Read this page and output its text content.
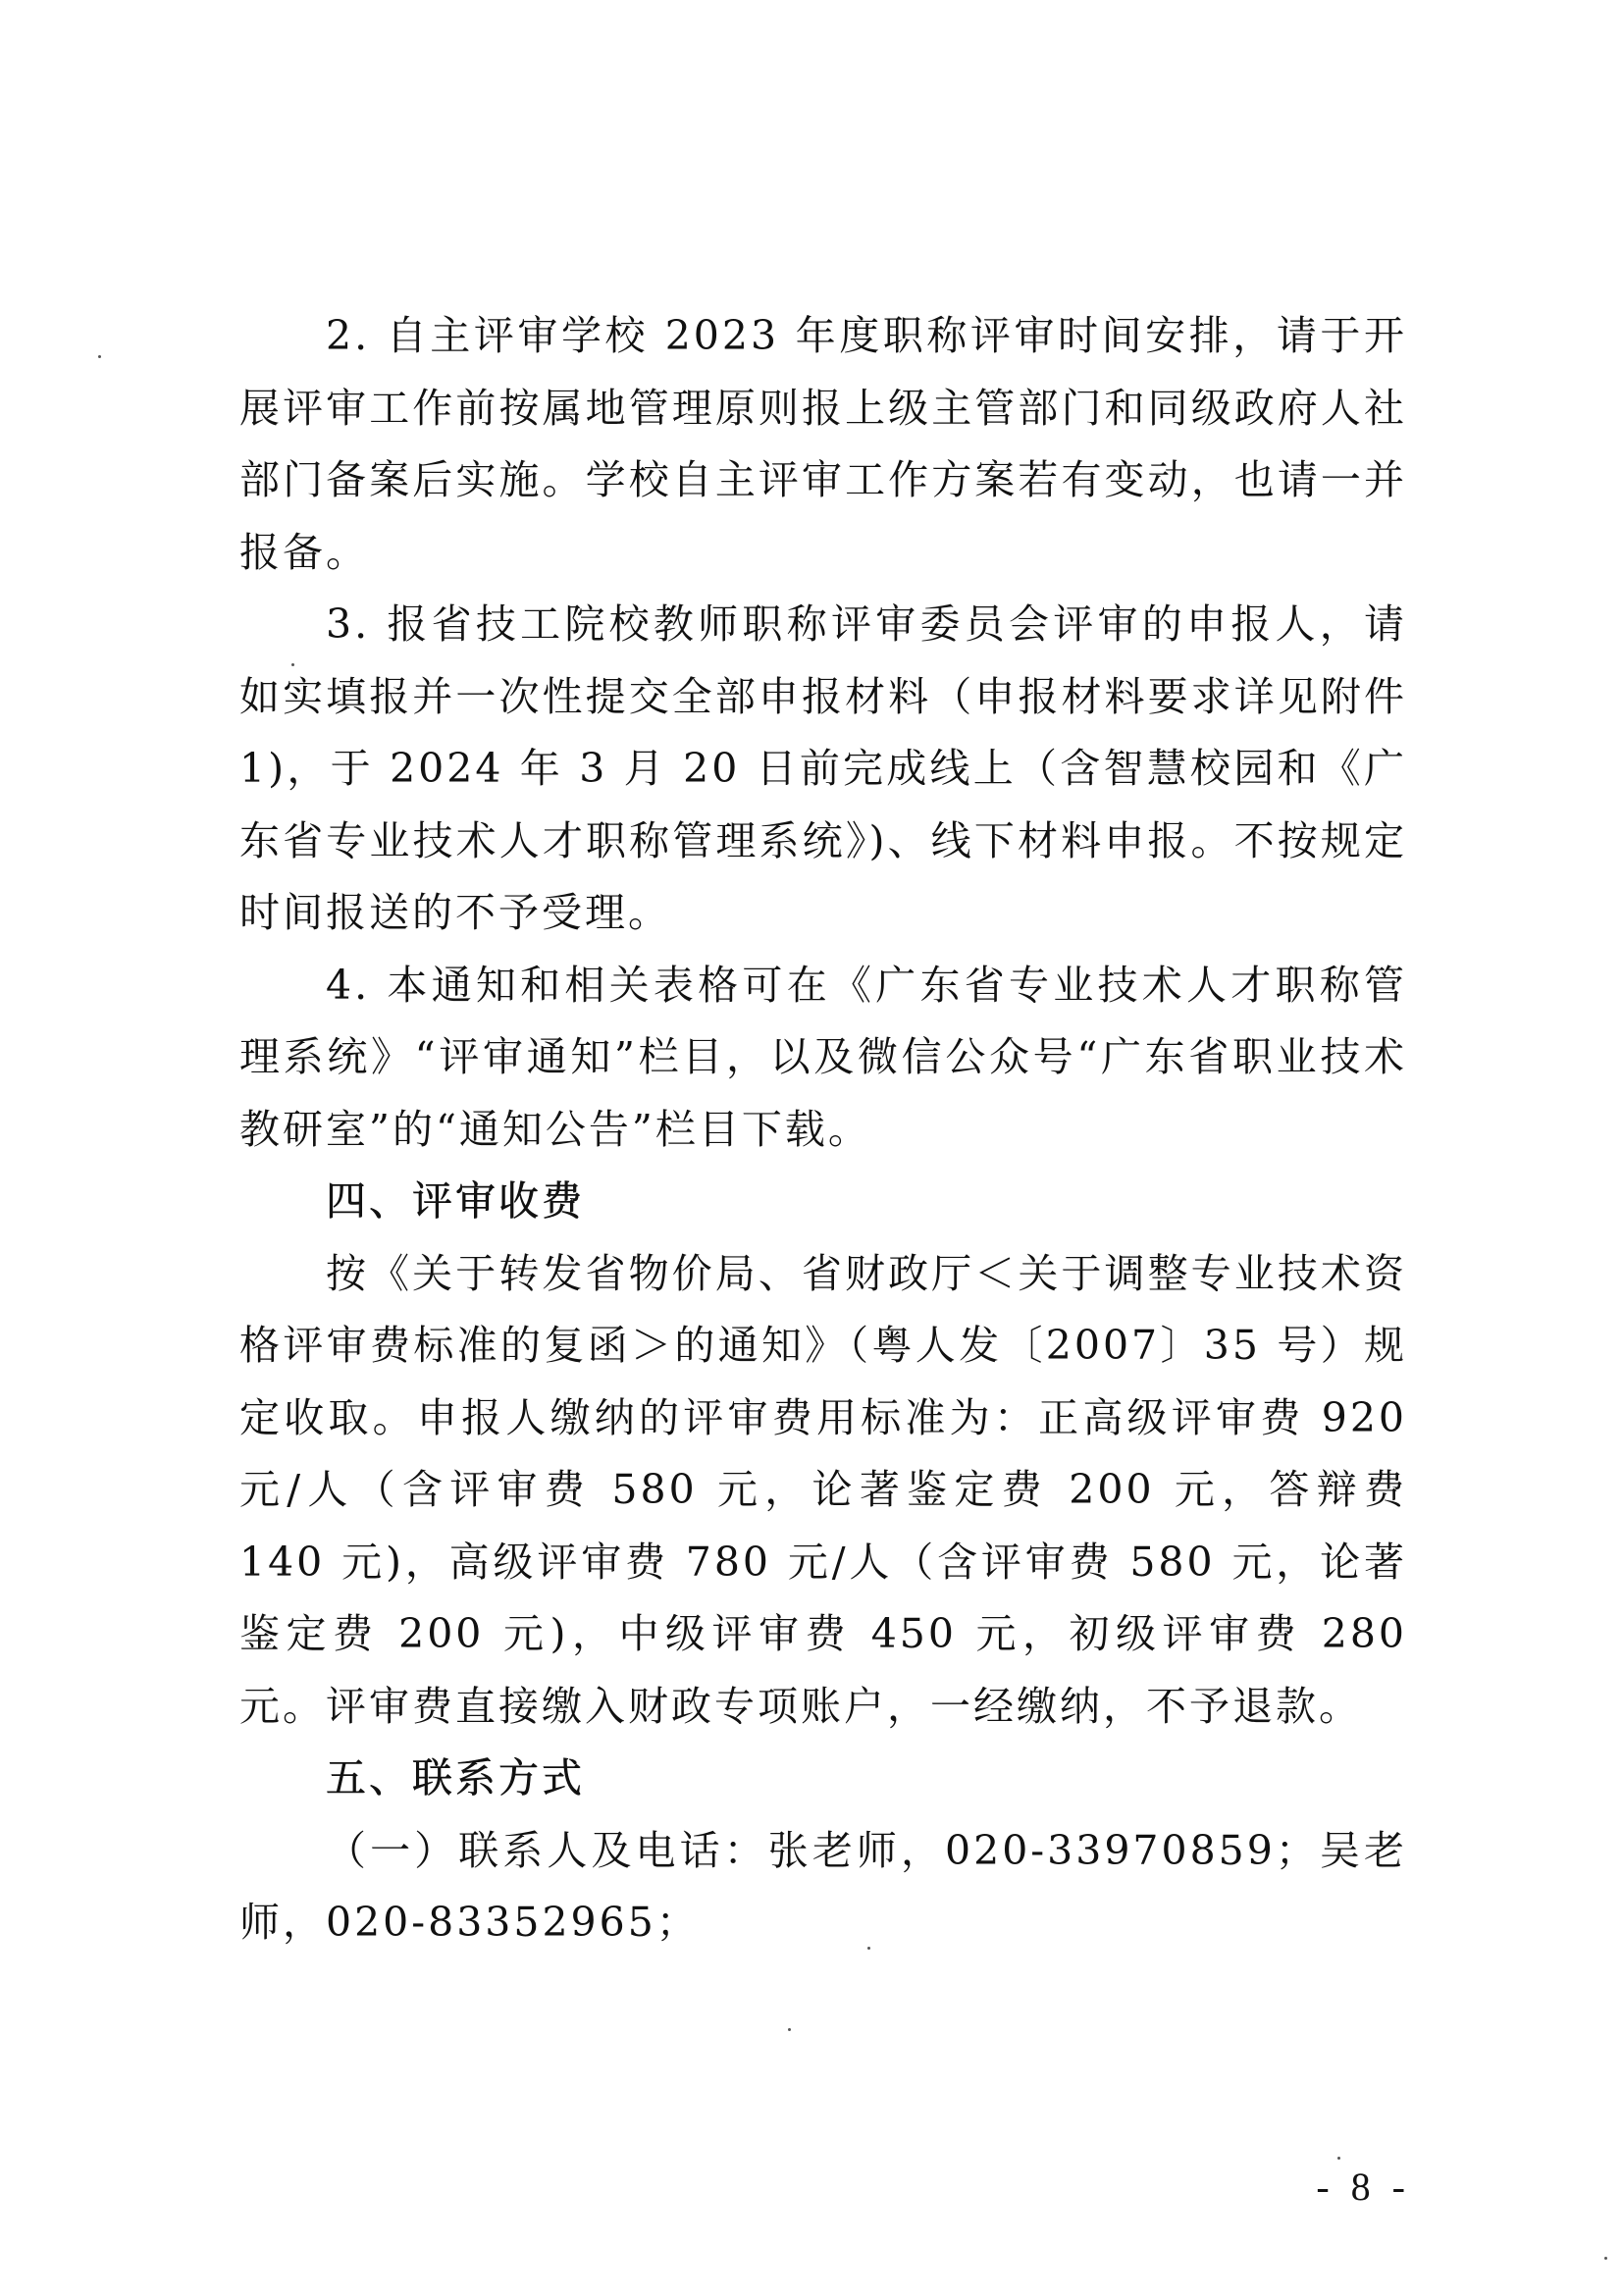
2. 自主评审学校 2023 年度职称评审时间安排，请于开展评审工作前按属地管理原则报上级主管部门和同级政府人社部门备案后实施。学校自主评审工作方案若有变动，也请一并报备。

3. 报省技工院校教师职称评审委员会评审的申报人，请如实填报并一次性提交全部申报材料（申报材料要求详见附件 1)，于 2024 年 3 月 20 日前完成线上（含智慧校园和《广东省专业技术人才职称管理系统》)、线下材料申报。不按规定时间报送的不予受理。

4. 本通知和相关表格可在《广东省专业技术人才职称管理系统》“评审通知”栏目，以及微信公众号“广东省职业技术教研室”的“通知公告”栏目下载。

四、评审收费

按《关于转发省物价局、省财政厅＜关于调整专业技术资格评审费标准的复函＞的通知》（粤人发〔2007〕35 号）规定收取。申报人缴纳的评审费用标准为：正高级评审费 920 元/人（含评审费 580 元，论著鉴定费 200 元，答辩费 140 元)，高级评审费 780 元/人（含评审费 580 元，论著鉴定费 200 元)，中级评审费 450 元，初级评审费 280 元。评审费直接缴入财政专项账户，一经缴纳，不予退款。

五、联系方式

（一）联系人及电话：张老师，020-33970859；吴老师，020-83352965；

- 8 -
